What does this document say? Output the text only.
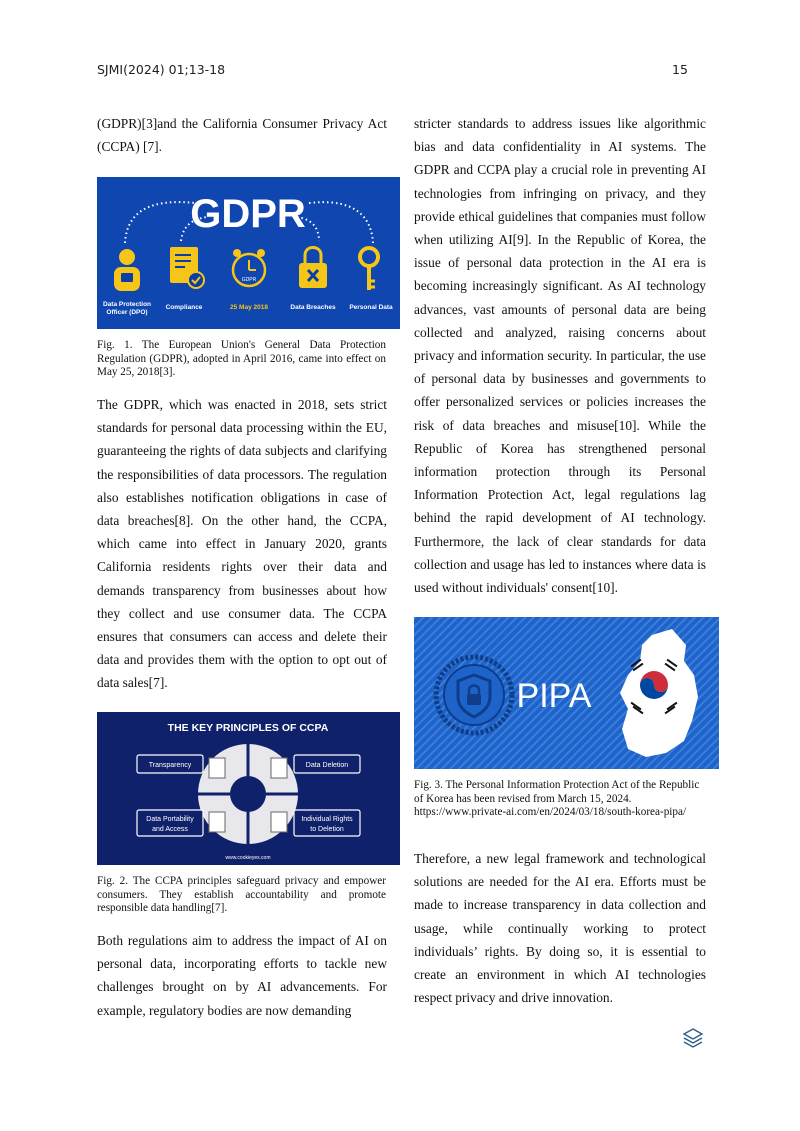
SJMI(2024) 01;13-18	15

(GDPR)[3]and the California Consumer Privacy Act (CCPA) [7].

GDPR
GDPR
Data Protection
Officer (DPO)
Compliance	25 May 2018	Data Breaches Personal Data

Fig. 1. The European Union's General Data Protection Regulation (GDPR), adopted in April 2016, came into effect on May 25, 2018[3].

The GDPR, which was enacted in 2018, sets strict standards for personal data processing within the EU, guaranteeing the rights of data subjects and clarifying the responsibilities of data processors. The regulation also establishes notification obligations in case of data breaches[8]. On the other hand, the CCPA, which came into effect in January 2020, grants California residents rights over their data and demands transparency from businesses about how they collect and use consumer data. The CCPA ensures that consumers can access and delete their data and provides them with the option to opt out of data sales[7].

THE KEY PRINCIPLES OF CCPA
Transparency	Data Deletion
Data Portability
and Access
Individual Rights
to Deletion
www.cookieyes.com

Fig. 2. The CCPA principles safeguard privacy and empower consumers. They establish accountability and promote responsible data handling[7].

Both regulations aim to address the impact of AI on personal data, incorporating efforts to tackle new challenges brought on by AI advancements. For example, regulatory bodies are now demanding

stricter standards to address issues like algorithmic bias and data confidentiality in AI systems. The GDPR and CCPA play a crucial role in preventing AI technologies from infringing on privacy, and they provide ethical guidelines that companies must follow when utilizing AI[9]. In the Republic of Korea, the issue of personal data protection in the AI era is becoming increasingly significant. As AI technology advances, vast amounts of personal data are being collected and analyzed, raising concerns about privacy and information security. In particular, the use of personal data by businesses and governments to offer personalized services or policies increases the risk of data breaches and misuse[10]. While the Republic of Korea has strengthened personal information protection through its Personal Information Protection Act, legal regulations lag behind the rapid development of AI technology. Furthermore, the lack of clear standards for data collection and usage has led to instances where data is used without individuals' consent[10].

PIPA

Fig. 3. The Personal Information Protection Act of the Republic of Korea has been revised from March 15, 2024. https://www.private-ai.com/en/2024/03/18/south-korea-pipa/

Therefore, a new legal framework and technological solutions are needed for the AI era. Efforts must be made to increase transparency in data collection and usage, while continually working to protect individuals’ rights. By doing so, it is essential to create an environment in which AI technologies respect privacy and drive innovation.
